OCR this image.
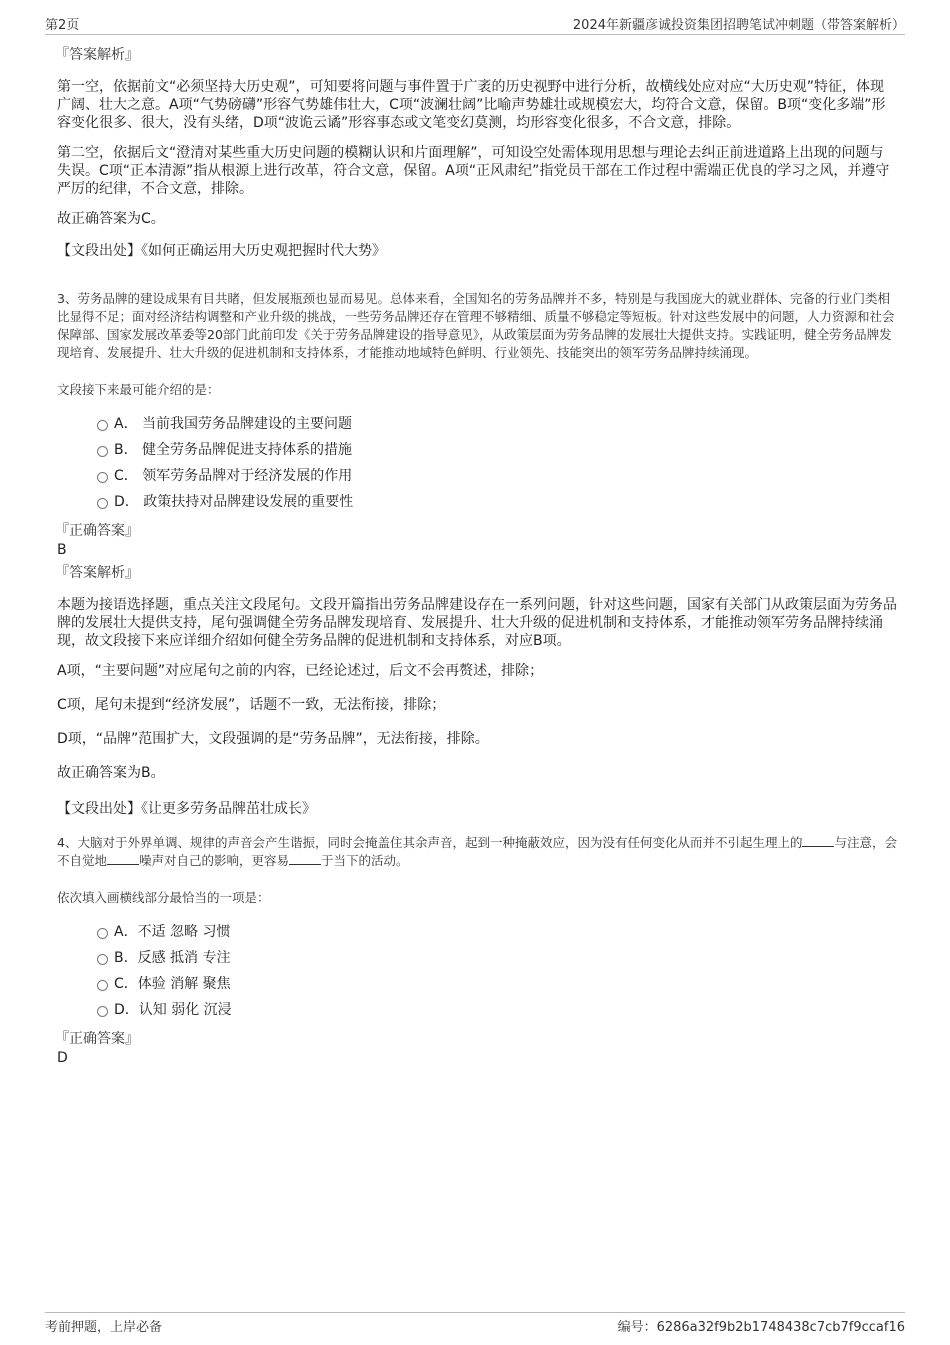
第2页	2024年新疆彦诚投资集团招聘笔试冲刺题（带答案解析）
『答案解析』

第一空，依据前文“必须坚持大历史观”，可知要将问题与事件置于广袤的历史视野中进行分析，故横线处应对应“大历史观”特征，体现广阔、壮大之意。A项“气势磅礴”形容气势雄伟壮大，C项“波澜壮阔”比喻声势雄壮或规模宏大，均符合文意，保留。B项“变化多端”形容变化很多、很大，没有头绪，D项“波诡云谲”形容事态或文笔变幻莫测，均形容变化很多，不合文意，排除。

第二空，依据后文“澄清对某些重大历史问题的模糊认识和片面理解”，可知设空处需体现用思想与理论去纠正前进道路上出现的问题与失误。C项“正本清源”指从根源上进行改革，符合文意，保留。A项“正风肃纪”指党员干部在工作过程中需端正优良的学习之风，并遵守严厉的纪律，不合文意，排除。

故正确答案为C。

【文段出处】《如何正确运用大历史观把握时代大势》

3、劳务品牌的建设成果有目共睹，但发展瓶颈也显而易见。总体来看，全国知名的劳务品牌并不多，特别是与我国庞大的就业群体、完备的行业门类相比显得不足；面对经济结构调整和产业升级的挑战，一些劳务品牌还存在管理不够精细、质量不够稳定等短板。针对这些发展中的问题，人力资源和社会保障部、国家发展改革委等20部门此前印发《关于劳务品牌建设的指导意见》，从政策层面为劳务品牌的发展壮大提供支持。实践证明，健全劳务品牌发现培育、发展提升、壮大升级的促进机制和支持体系，才能推动地域特色鲜明、行业领先、技能突出的领军劳务品牌持续涌现。

文段接下来最可能介绍的是：

A． 当前我国劳务品牌建设的主要问题
B． 健全劳务品牌促进支持体系的措施
C． 领军劳务品牌对于经济发展的作用
D． 政策扶持对品牌建设发展的重要性
『正确答案』

B

『答案解析』

本题为接语选择题，重点关注文段尾句。文段开篇指出劳务品牌建设存在一系列问题，针对这些问题，国家有关部门从政策层面为劳务品牌的发展壮大提供支持，尾句强调健全劳务品牌发现培育、发展提升、壮大升级的促进机制和支持体系，才能推动领军劳务品牌持续涌现，故文段接下来应详细介绍如何健全劳务品牌的促进机制和支持体系，对应B项。

A项，“主要问题”对应尾句之前的内容，已经论述过，后文不会再赘述，排除；

C项，尾句未提到“经济发展”，话题不一致，无法衔接，排除；

D项，“品牌”范围扩大，文段强调的是“劳务品牌”，无法衔接，排除。

故正确答案为B。

【文段出处】《让更多劳务品牌茁壮成长》

4、大脑对于外界单调、规律的声音会产生谐振，同时会掩盖住其余声音，起到一种掩蔽效应，因为没有任何变化从而并不引起生理上的	与注意，会不自觉地	噪声对自己的影响，更容易	于当下的活动。

依次填入画横线部分最恰当的一项是：

A．不适 忽略 习惯
B．反感 抵消 专注
C．体验 消解 聚焦
D．认知 弱化 沉浸
『正确答案』

D

考前押题，上岸必备	编号：6286a32f9b2b1748438c7cb7f9ccaf16
